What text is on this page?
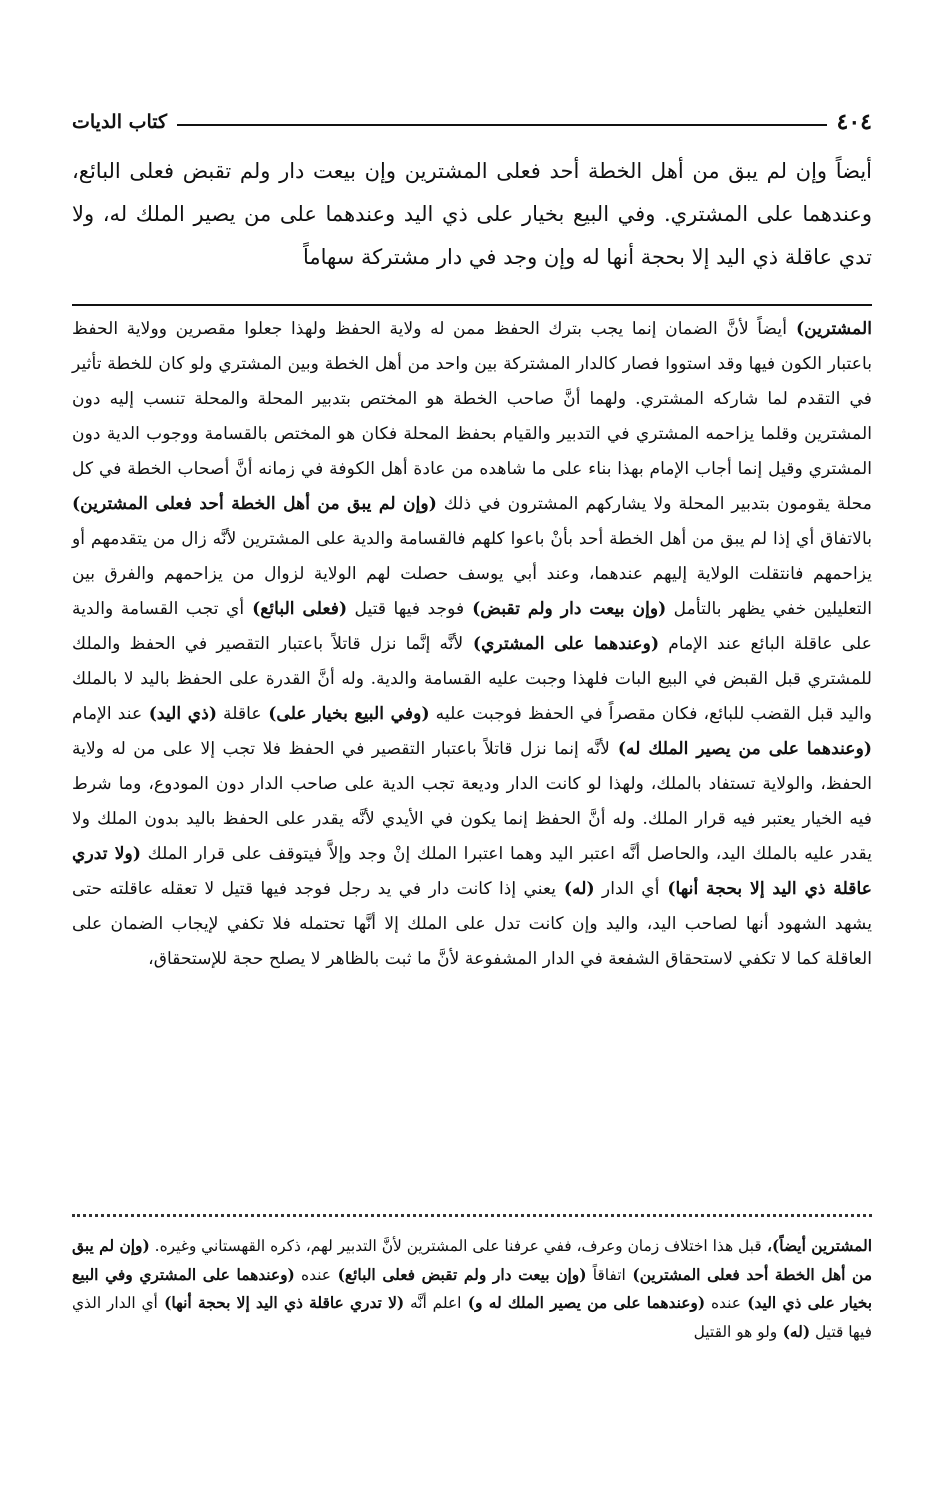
٤٠٤
كتاب الديات
أيضاً وإن لم يبق من أهل الخطة أحد فعلى المشترين وإن بيعت دار ولم تقبض فعلى البائع، وعندهما على المشتري. وفي البيع بخيار على ذي اليد وعندهما على من يصير الملك له، ولا تدي عاقلة ذي اليد إلا بحجة أنها له وإن وجد في دار مشتركة سهاماً

المشترين) أيضاً لأنَّ الضمان إنما يجب بترك الحفظ ممن له ولاية الحفظ ولهذا جعلوا مقصرين وولاية الحفظ باعتبار الكون فيها وقد استووا فصار كالدار المشتركة بين واحد من أهل الخطة وبين المشتري ولو كان للخطة تأثير في التقدم لما شاركه المشتري. ولهما أنَّ صاحب الخطة هو المختص بتدبير المحلة والمحلة تنسب إليه دون المشترين وقلما يزاحمه المشتري في التدبير والقيام بحفظ المحلة فكان هو المختص بالقسامة ووجوب الدية دون المشتري وقيل إنما أجاب الإمام بهذا بناء على ما شاهده من عادة أهل الكوفة في زمانه أنَّ أصحاب الخطة في كل محلة يقومون بتدبير المحلة ولا يشاركهم المشترون في ذلك (وإن لم يبق من أهل الخطة أحد فعلى المشترين) بالاتفاق أي إذا لم يبق من أهل الخطة أحد بأنْ باعوا كلهم فالقسامة والدية على المشترين لأنَّه زال من يتقدمهم أو يزاحمهم فانتقلت الولاية إليهم عندهما، وعند أبي يوسف حصلت لهم الولاية لزوال من يزاحمهم والفرق بين التعليلين خفي يظهر بالتأمل (وإن بيعت دار ولم تقبض) فوجد فيها قتيل (فعلى البائع) أي تجب القسامة والدية على عاقلة البائع عند الإمام (وعندهما على المشتري) لأنَّه إنَّما نزل قاتلاً باعتبار التقصير في الحفظ والملك للمشتري قبل القبض في البيع البات فلهذا وجبت عليه القسامة والدية. وله أنَّ القدرة على الحفظ باليد لا بالملك واليد قبل القضب للبائع، فكان مقصراً في الحفظ فوجبت عليه (وفي البيع بخيار على) عاقلة (ذي اليد) عند الإمام (وعندهما على من يصير الملك له) لأنَّه إنما نزل قاتلاً باعتبار التقصير في الحفظ فلا تجب إلا على من له ولاية الحفظ، والولاية تستفاد بالملك، ولهذا لو كانت الدار وديعة تجب الدية على صاحب الدار دون المودوع، وما شرط فيه الخيار يعتبر فيه قرار الملك. وله أنَّ الحفظ إنما يكون في الأيدي لأنَّه يقدر على الحفظ باليد بدون الملك ولا يقدر عليه بالملك اليد، والحاصل أنَّه اعتبر اليد وهما اعتبرا الملك إنْ وجد وإلاَّ فيتوقف على قرار الملك (ولا تدري عاقلة ذي اليد إلا بحجة أنها) أي الدار (له) يعني إذا كانت دار في يد رجل فوجد فيها قتيل لا تعقله عاقلته حتى يشهد الشهود أنها لصاحب اليد، واليد وإن كانت تدل على الملك إلا أنَّها تحتمله فلا تكفي لإيجاب الضمان على العاقلة كما لا تكفي لاستحقاق الشفعة في الدار المشفوعة لأنَّ ما ثبت بالظاهر لا يصلح حجة للإستحقاق،

المشترين أيضاً)، قبل هذا اختلاف زمان وعرف، ففي عرفنا على المشترين لأنَّ التدبير لهم، ذكره القهستاني وغيره. (وإن لم يبق من أهل الخطة أحد فعلى المشترين) اتفاقاً (وإن بيعت دار ولم تقبض فعلى البائع) عنده (وعندهما على المشتري وفي البيع بخيار على ذي اليد) عنده (وعندهما على من يصير الملك له و) اعلم أنَّه (لا تدري عاقلة ذي اليد إلا بحجة أنها) أي الدار الذي فيها قتيل (له) ولو هو القتيل
